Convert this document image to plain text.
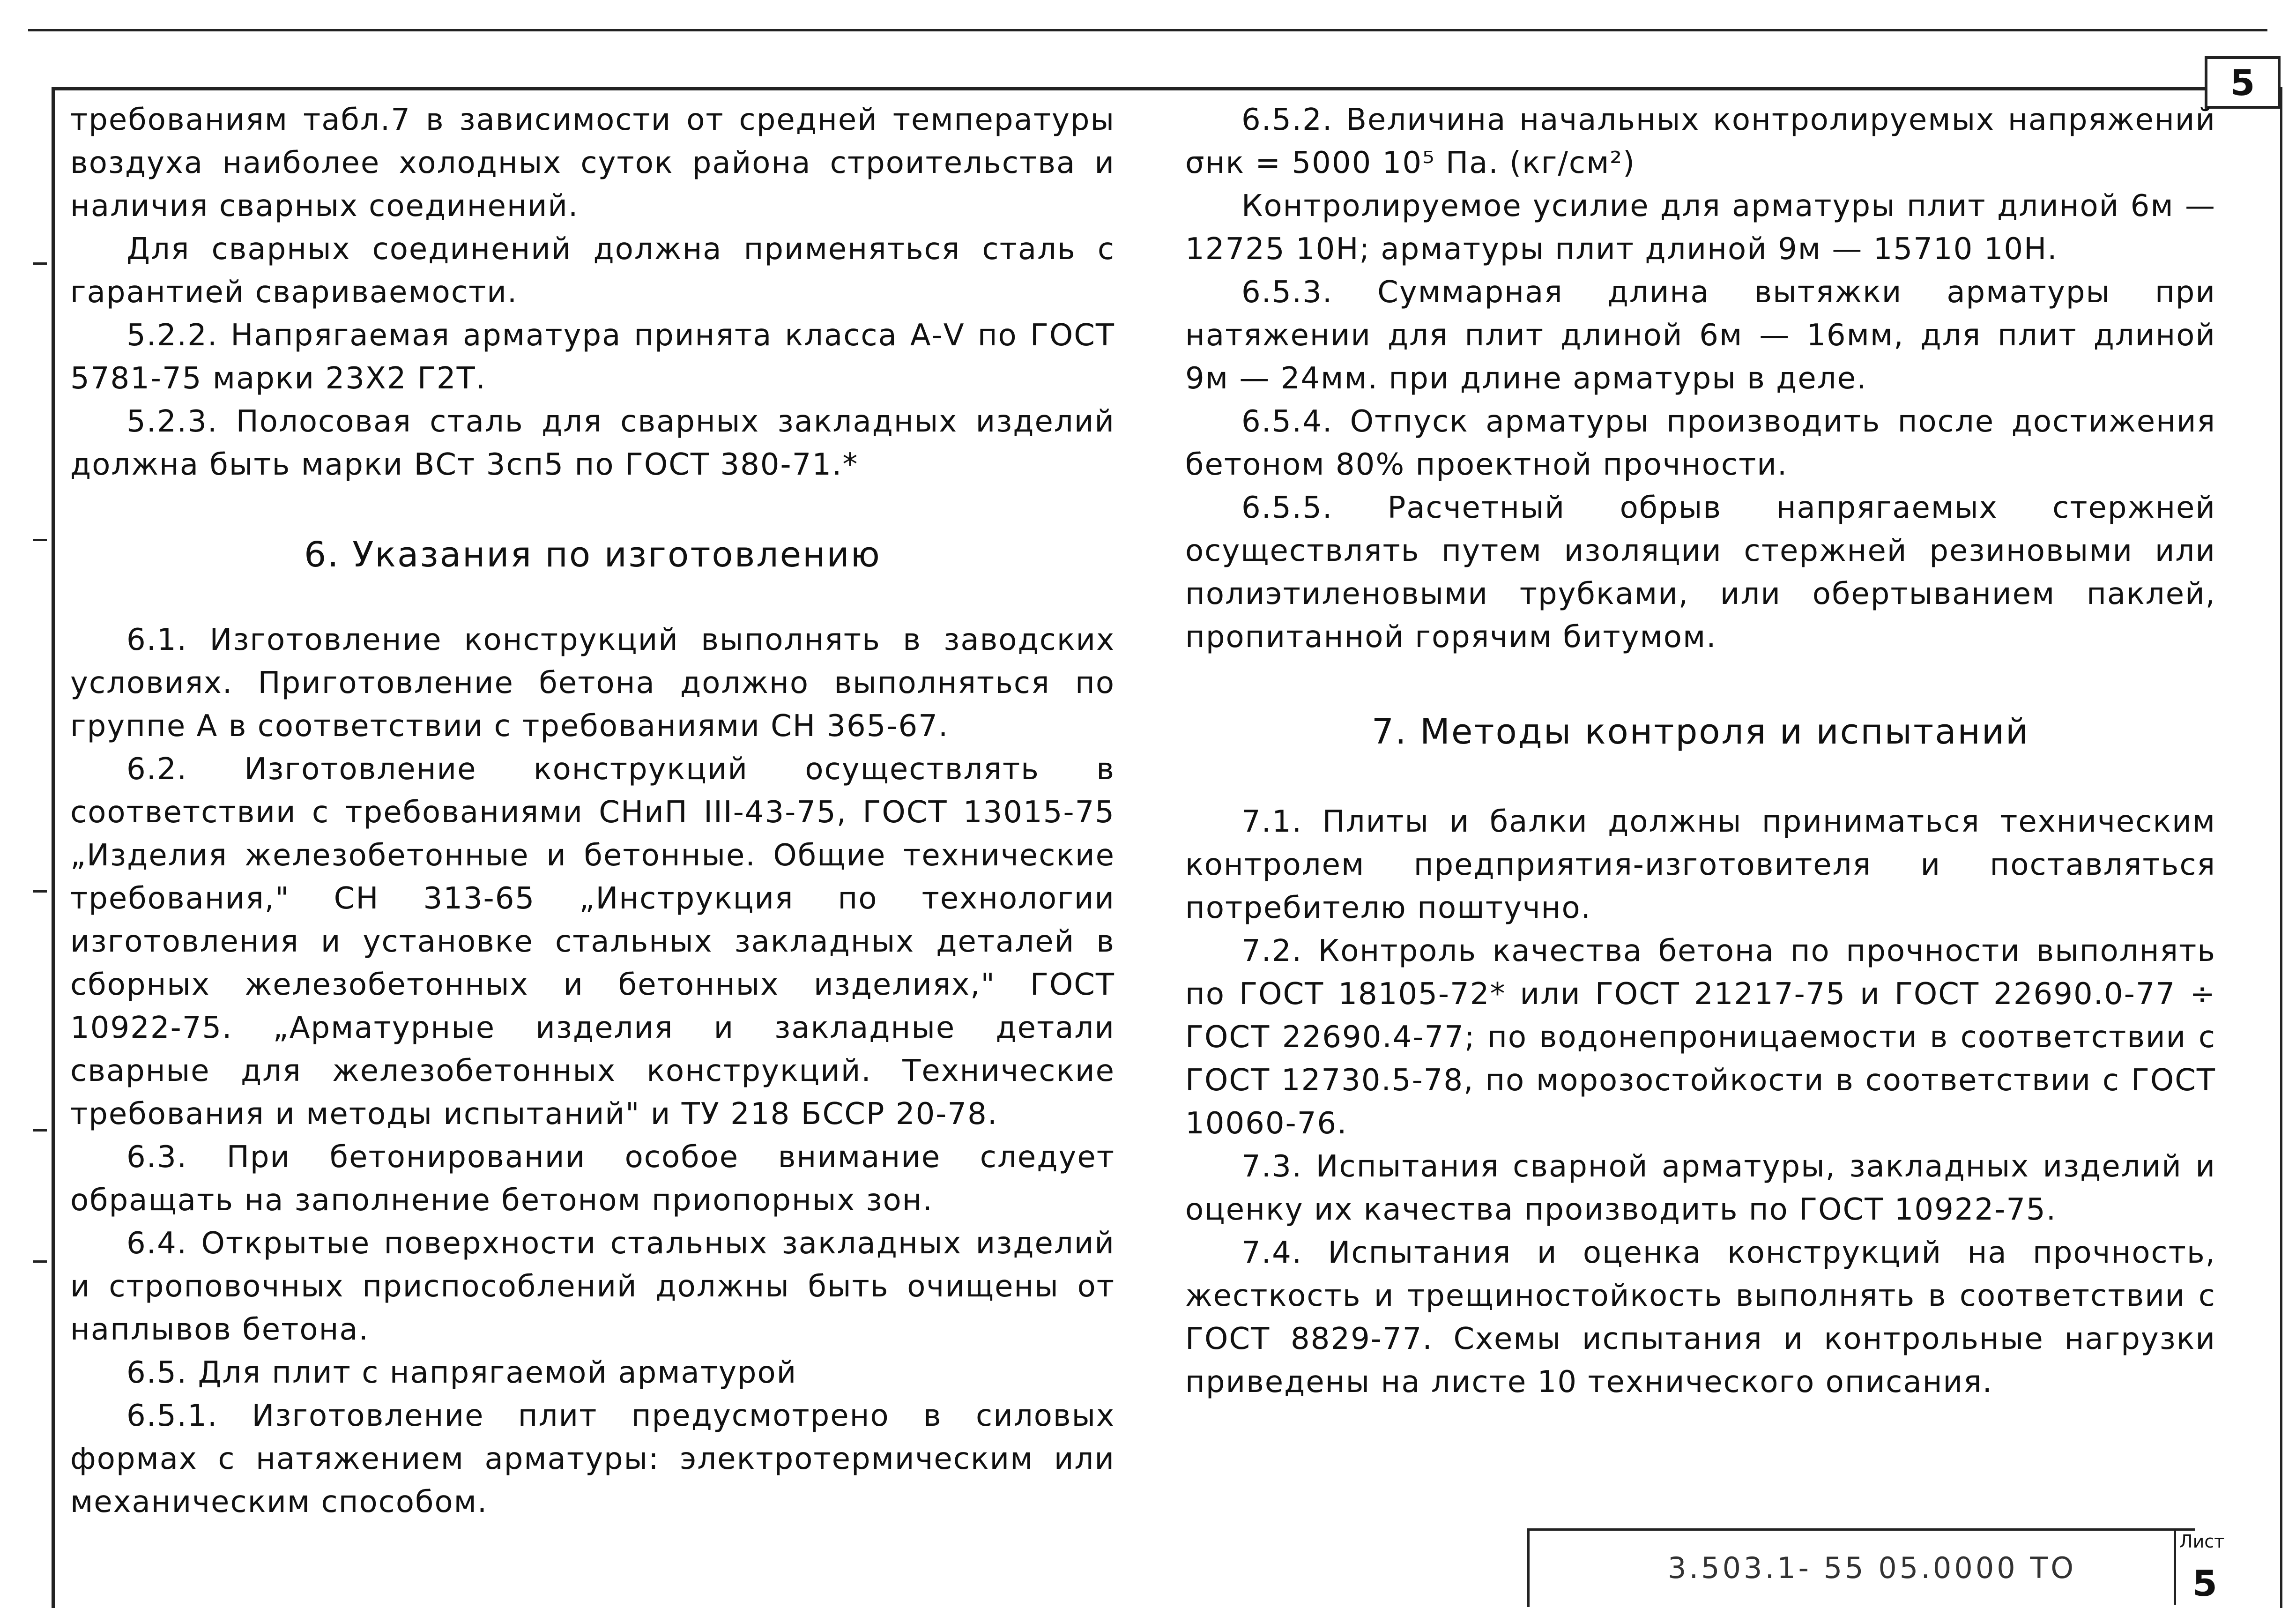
5

требованиям табл.7 в зависимости от средней температуры воздуха наиболее холодных суток района строительства и наличия сварных соединений.

Для сварных соединений должна применяться сталь с гарантией свариваемости.

5.2.2. Напрягаемая арматура принята класса А-V по ГОСТ 5781-75 марки 23Х2 Г2Т.

5.2.3. Полосовая сталь для сварных закладных изделий должна быть марки ВСт 3сп5 по ГОСТ 380-71.*

6. Указания по изготовлению

6.1. Изготовление конструкций выполнять в заводских условиях. Приготовление бетона должно выполняться по группе А в соответствии с требованиями СН 365-67.

6.2. Изготовление конструкций осуществлять в соответствии с требованиями СНиП III-43-75, ГОСТ 13015-75 „Изделия железобетонные и бетонные. Общие технические требования," СН 313-65 „Инструкция по технологии изготовления и установке стальных закладных деталей в сборных железобетонных и бетонных изделиях," ГОСТ 10922-75. „Арматурные изделия и закладные детали сварные для железобетонных конструкций. Технические требования и методы испытаний" и ТУ 218 БССР 20-78.

6.3. При бетонировании особое внимание следует обращать на заполнение бетоном приопорных зон.

6.4. Открытые поверхности стальных закладных изделий и строповочных приспособлений должны быть очищены от наплывов бетона.

6.5. Для плит с напрягаемой арматурой

6.5.1. Изготовление плит предусмотрено в силовых формах с натяжением арматуры: электротермическим или механическим способом.

6.5.2. Величина начальных контролируемых напряжений σнк = 5000 10⁵ Па. (кг/см²)

Контролируемое усилие для арматуры плит длиной 6м — 12725 10Н; арматуры плит длиной 9м — 15710 10Н.

6.5.3. Суммарная длина вытяжки арматуры при натяжении для плит длиной 6м — 16мм, для плит длиной 9м — 24мм. при длине арматуры в деле.

6.5.4. Отпуск арматуры производить после достижения бетоном 80% проектной прочности.

6.5.5. Расчетный обрыв напрягаемых стержней осуществлять путем изоляции стержней резиновыми или полиэтиленовыми трубками, или обертыванием паклей, пропитанной горячим битумом.

7. Методы контроля и испытаний

7.1. Плиты и балки должны приниматься техническим контролем предприятия-изготовителя и поставляться потребителю поштучно.

7.2. Контроль качества бетона по прочности выполнять по ГОСТ 18105-72* или ГОСТ 21217-75 и ГОСТ 22690.0-77 ÷ ГОСТ 22690.4-77; по водонепроницаемости в соответствии с ГОСТ 12730.5-78, по морозостойкости в соответствии с ГОСТ 10060-76.

7.3. Испытания сварной арматуры, закладных изделий и оценку их качества производить по ГОСТ 10922-75.

7.4. Испытания и оценка конструкций на прочность, жесткость и трещиностойкость выполнять в соответствии с ГОСТ 8829-77. Схемы испытания и контрольные нагрузки приведены на листе 10 технического описания.

3.503.1- 55 05.0000 ТО
Лист
5
